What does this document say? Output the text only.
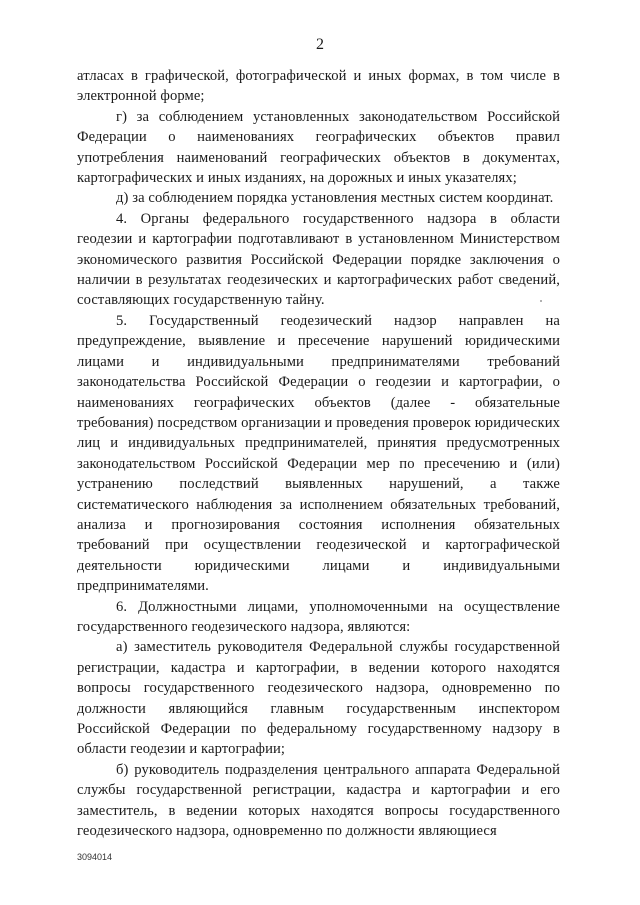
2

атласах в графической, фотографической и иных формах, в том числе в электронной форме;

г) за соблюдением установленных законодательством Российской Федерации о наименованиях географических объектов правил употребления наименований географических объектов в документах, картографических и иных изданиях, на дорожных и иных указателях;

д) за соблюдением порядка установления местных систем координат.

4. Органы федерального государственного надзора в области геодезии и картографии подготавливают в установленном Министерством экономического развития Российской Федерации порядке заключения о наличии в результатах геодезических и картографических работ сведений, составляющих государственную тайну.

5. Государственный геодезический надзор направлен на предупреждение, выявление и пресечение нарушений юридическими лицами и индивидуальными предпринимателями требований законодательства Российской Федерации о геодезии и картографии, о наименованиях географических объектов (далее - обязательные требования) посредством организации и проведения проверок юридических лиц и индивидуальных предпринимателей, принятия предусмотренных законодательством Российской Федерации мер по пресечению и (или) устранению последствий выявленных нарушений, а также систематического наблюдения за исполнением обязательных требований, анализа и прогнозирования состояния исполнения обязательных требований при осуществлении геодезической и картографической деятельности юридическими лицами и индивидуальными предпринимателями.

6. Должностными лицами, уполномоченными на осуществление государственного геодезического надзора, являются:

а) заместитель руководителя Федеральной службы государственной регистрации, кадастра и картографии, в ведении которого находятся вопросы государственного геодезического надзора, одновременно по должности являющийся главным государственным инспектором Российской Федерации по федеральному государственному надзору в области геодезии и картографии;

б) руководитель подразделения центрального аппарата Федеральной службы государственной регистрации, кадастра и картографии и его заместитель, в ведении которых находятся вопросы государственного геодезического надзора, одновременно по должности являющиеся

3094014
